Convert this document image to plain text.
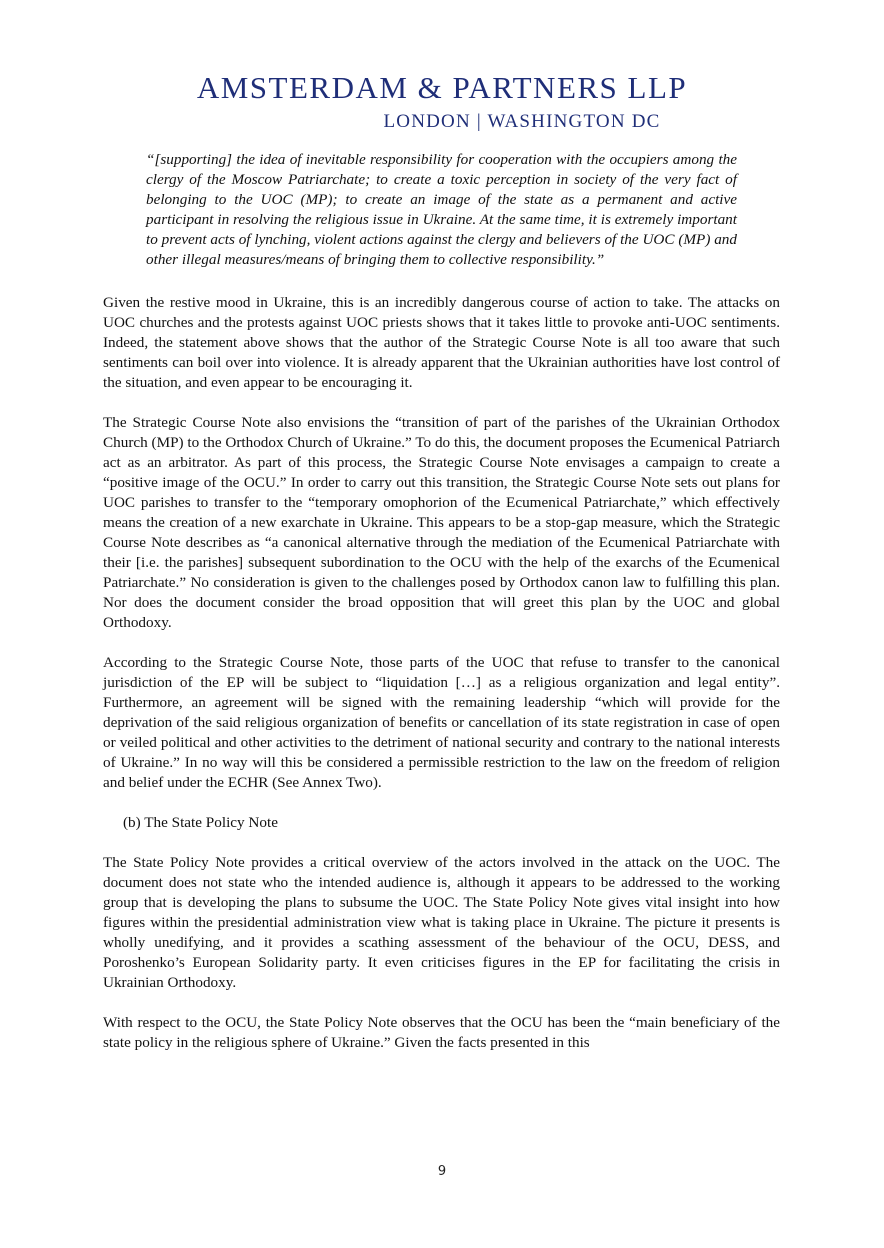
AMSTERDAM & PARTNERS LLP
LONDON | WASHINGTON DC

“[supporting] the idea of inevitable responsibility for cooperation with the occupiers among the clergy of the Moscow Patriarchate; to create a toxic perception in society of the very fact of belonging to the UOC (MP); to create an image of the state as a permanent and active participant in resolving the religious issue in Ukraine. At the same time, it is extremely important to prevent acts of lynching, violent actions against the clergy and believers of the UOC (MP) and other illegal measures/means of bringing them to collective responsibility.”

Given the restive mood in Ukraine, this is an incredibly dangerous course of action to take. The attacks on UOC churches and the protests against UOC priests shows that it takes little to provoke anti-UOC sentiments. Indeed, the statement above shows that the author of the Strategic Course Note is all too aware that such sentiments can boil over into violence. It is already apparent that the Ukrainian authorities have lost control of the situation, and even appear to be encouraging it.

The Strategic Course Note also envisions the “transition of part of the parishes of the Ukrainian Orthodox Church (MP) to the Orthodox Church of Ukraine.” To do this, the document proposes the Ecumenical Patriarch act as an arbitrator. As part of this process, the Strategic Course Note envisages a campaign to create a “positive image of the OCU.” In order to carry out this transition, the Strategic Course Note sets out plans for UOC parishes to transfer to the “temporary omophorion of the Ecumenical Patriarchate,” which effectively means the creation of a new exarchate in Ukraine. This appears to be a stop-gap measure, which the Strategic Course Note describes as “a canonical alternative through the mediation of the Ecumenical Patriarchate with their [i.e. the parishes] subsequent subordination to the OCU with the help of the exarchs of the Ecumenical Patriarchate.” No consideration is given to the challenges posed by Orthodox canon law to fulfilling this plan. Nor does the document consider the broad opposition that will greet this plan by the UOC and global Orthodoxy.

According to the Strategic Course Note, those parts of the UOC that refuse to transfer to the canonical jurisdiction of the EP will be subject to “liquidation […] as a religious organization and legal entity”. Furthermore, an agreement will be signed with the remaining leadership “which will provide for the deprivation of the said religious organization of benefits or cancellation of its state registration in case of open or veiled political and other activities to the detriment of national security and contrary to the national interests of Ukraine.” In no way will this be considered a permissible restriction to the law on the freedom of religion and belief under the ECHR (See Annex Two).

(b) The State Policy Note

The State Policy Note provides a critical overview of the actors involved in the attack on the UOC. The document does not state who the intended audience is, although it appears to be addressed to the working group that is developing the plans to subsume the UOC. The State Policy Note gives vital insight into how figures within the presidential administration view what is taking place in Ukraine. The picture it presents is wholly unedifying, and it provides a scathing assessment of the behaviour of the OCU, DESS, and Poroshenko’s European Solidarity party. It even criticises figures in the EP for facilitating the crisis in Ukrainian Orthodoxy.

With respect to the OCU, the State Policy Note observes that the OCU has been the “main beneficiary of the state policy in the religious sphere of Ukraine.” Given the facts presented in this

9
